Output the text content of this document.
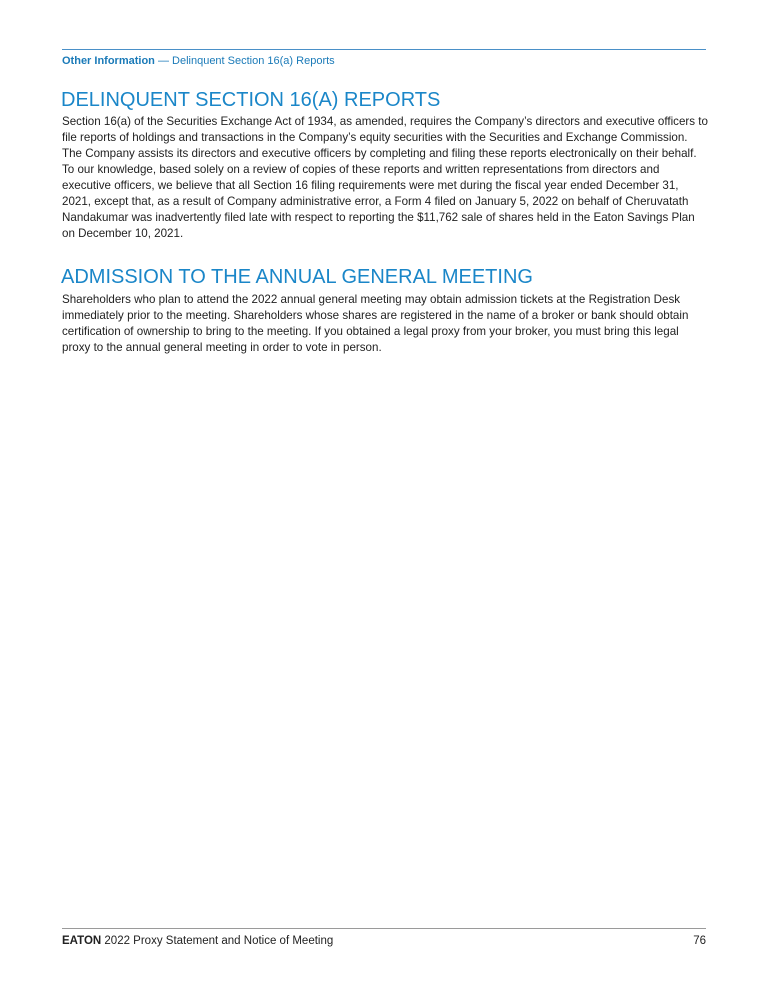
Other Information — Delinquent Section 16(a) Reports
DELINQUENT SECTION 16(A) REPORTS

Section 16(a) of the Securities Exchange Act of 1934, as amended, requires the Company’s directors and executive officers to file reports of holdings and transactions in the Company’s equity securities with the Securities and Exchange Commission. The Company assists its directors and executive officers by completing and filing these reports electronically on their behalf. To our knowledge, based solely on a review of copies of these reports and written representations from directors and executive officers, we believe that all Section 16 filing requirements were met during the fiscal year ended December 31, 2021, except that, as a result of Company administrative error, a Form 4 filed on January 5, 2022 on behalf of Cheruvatath Nandakumar was inadvertently filed late with respect to reporting the $11,762 sale of shares held in the Eaton Savings Plan on December 10, 2021.

ADMISSION TO THE ANNUAL GENERAL MEETING

Shareholders who plan to attend the 2022 annual general meeting may obtain admission tickets at the Registration Desk immediately prior to the meeting. Shareholders whose shares are registered in the name of a broker or bank should obtain certification of ownership to bring to the meeting. If you obtained a legal proxy from your broker, you must bring this legal proxy to the annual general meeting in order to vote in person.

EATON 2022 Proxy Statement and Notice of Meeting	76
